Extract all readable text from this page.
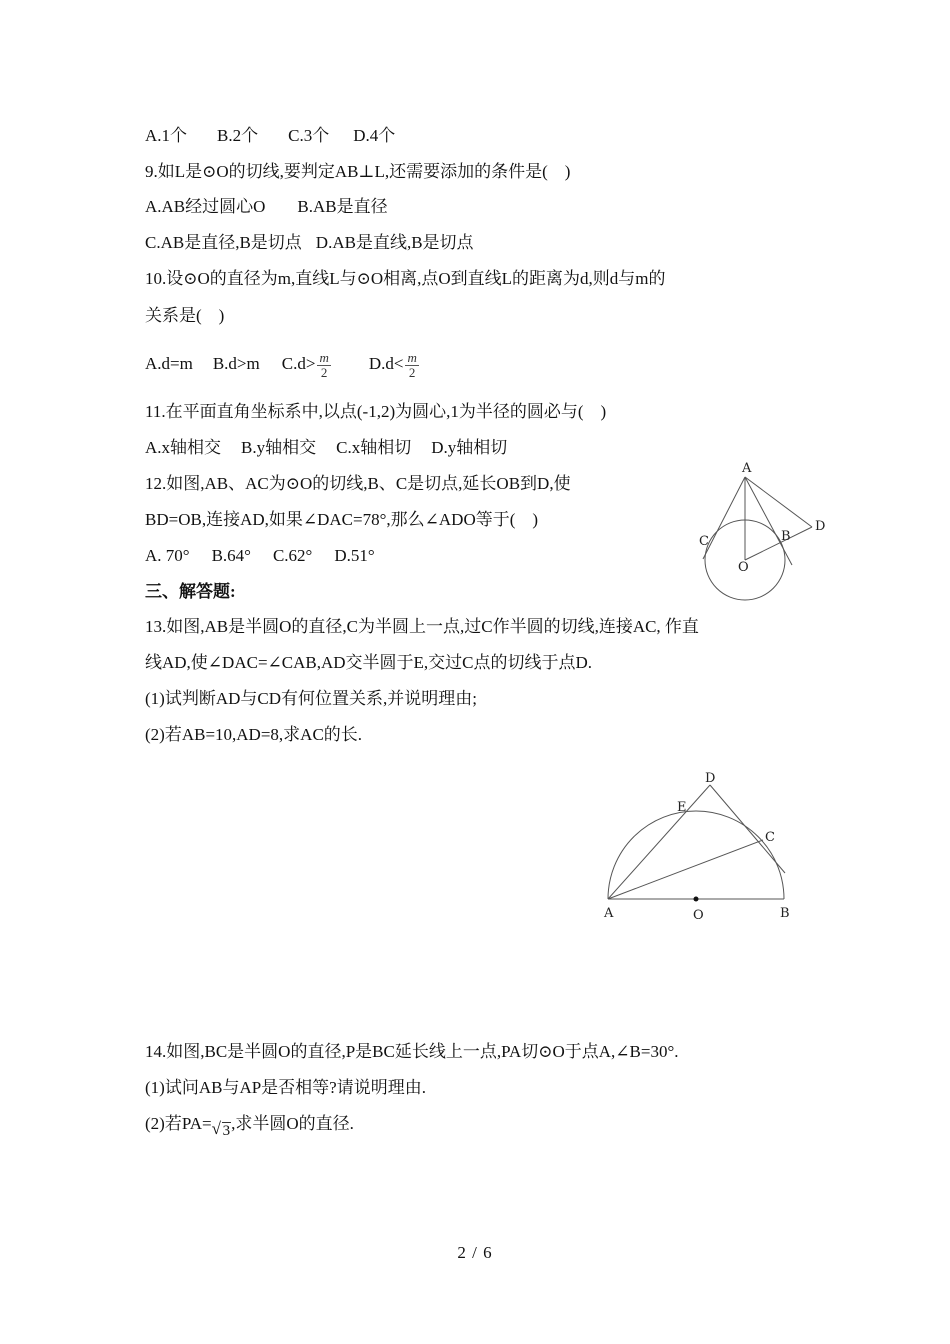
A.1个 B.2个 C.3个 D.4个
9.如L是⊙O的切线,要判定AB⊥L,还需要添加的条件是(　)
A.AB经过圆心O B.AB是直径
C.AB是直径,B是切点 D.AB是直线,B是切点
10.设⊙O的直径为m,直线L与⊙O相离,点O到直线L的距离为d,则d与m的
关系是(　)
A.d=m B.d>m $C.d> \frac{m}{2} D.d< \frac{m}{2}$
11.在平面直角坐标系中,以点(-1,2)为圆心,1为半径的圆必与(　)
A.x轴相交 B.y轴相交 C.x轴相切 D.y轴相切
12.如图,AB、AC为⊙O的切线,B、C是切点,延长OB到D,使
BD=OB,连接AD,如果∠DAC=78°,那么∠ADO等于(　)
A. 70° B.64° C.62° D.51°
A
C	B
D
O
三、解答题:
13.如图,AB是半圆O的直径,C为半圆上一点,过C作半圆的切线,连接AC, 作直
线AD,使∠DAC=∠CAB,AD交半圆于E,交过C点的切线于点D.
(1)试判断AD与CD有何位置关系,并说明理由;
(2)若AB=10,AD=8,求AC的长.
D
E
C
A	O	B
14.如图,BC是半圆O的直径,P是BC延长线上一点,PA切⊙O于点A,∠B=30°.
(1)试问AB与AP是否相等?请说明理由.
(2)若PA= √ 3,求半圆O的直径.
2 / 6
